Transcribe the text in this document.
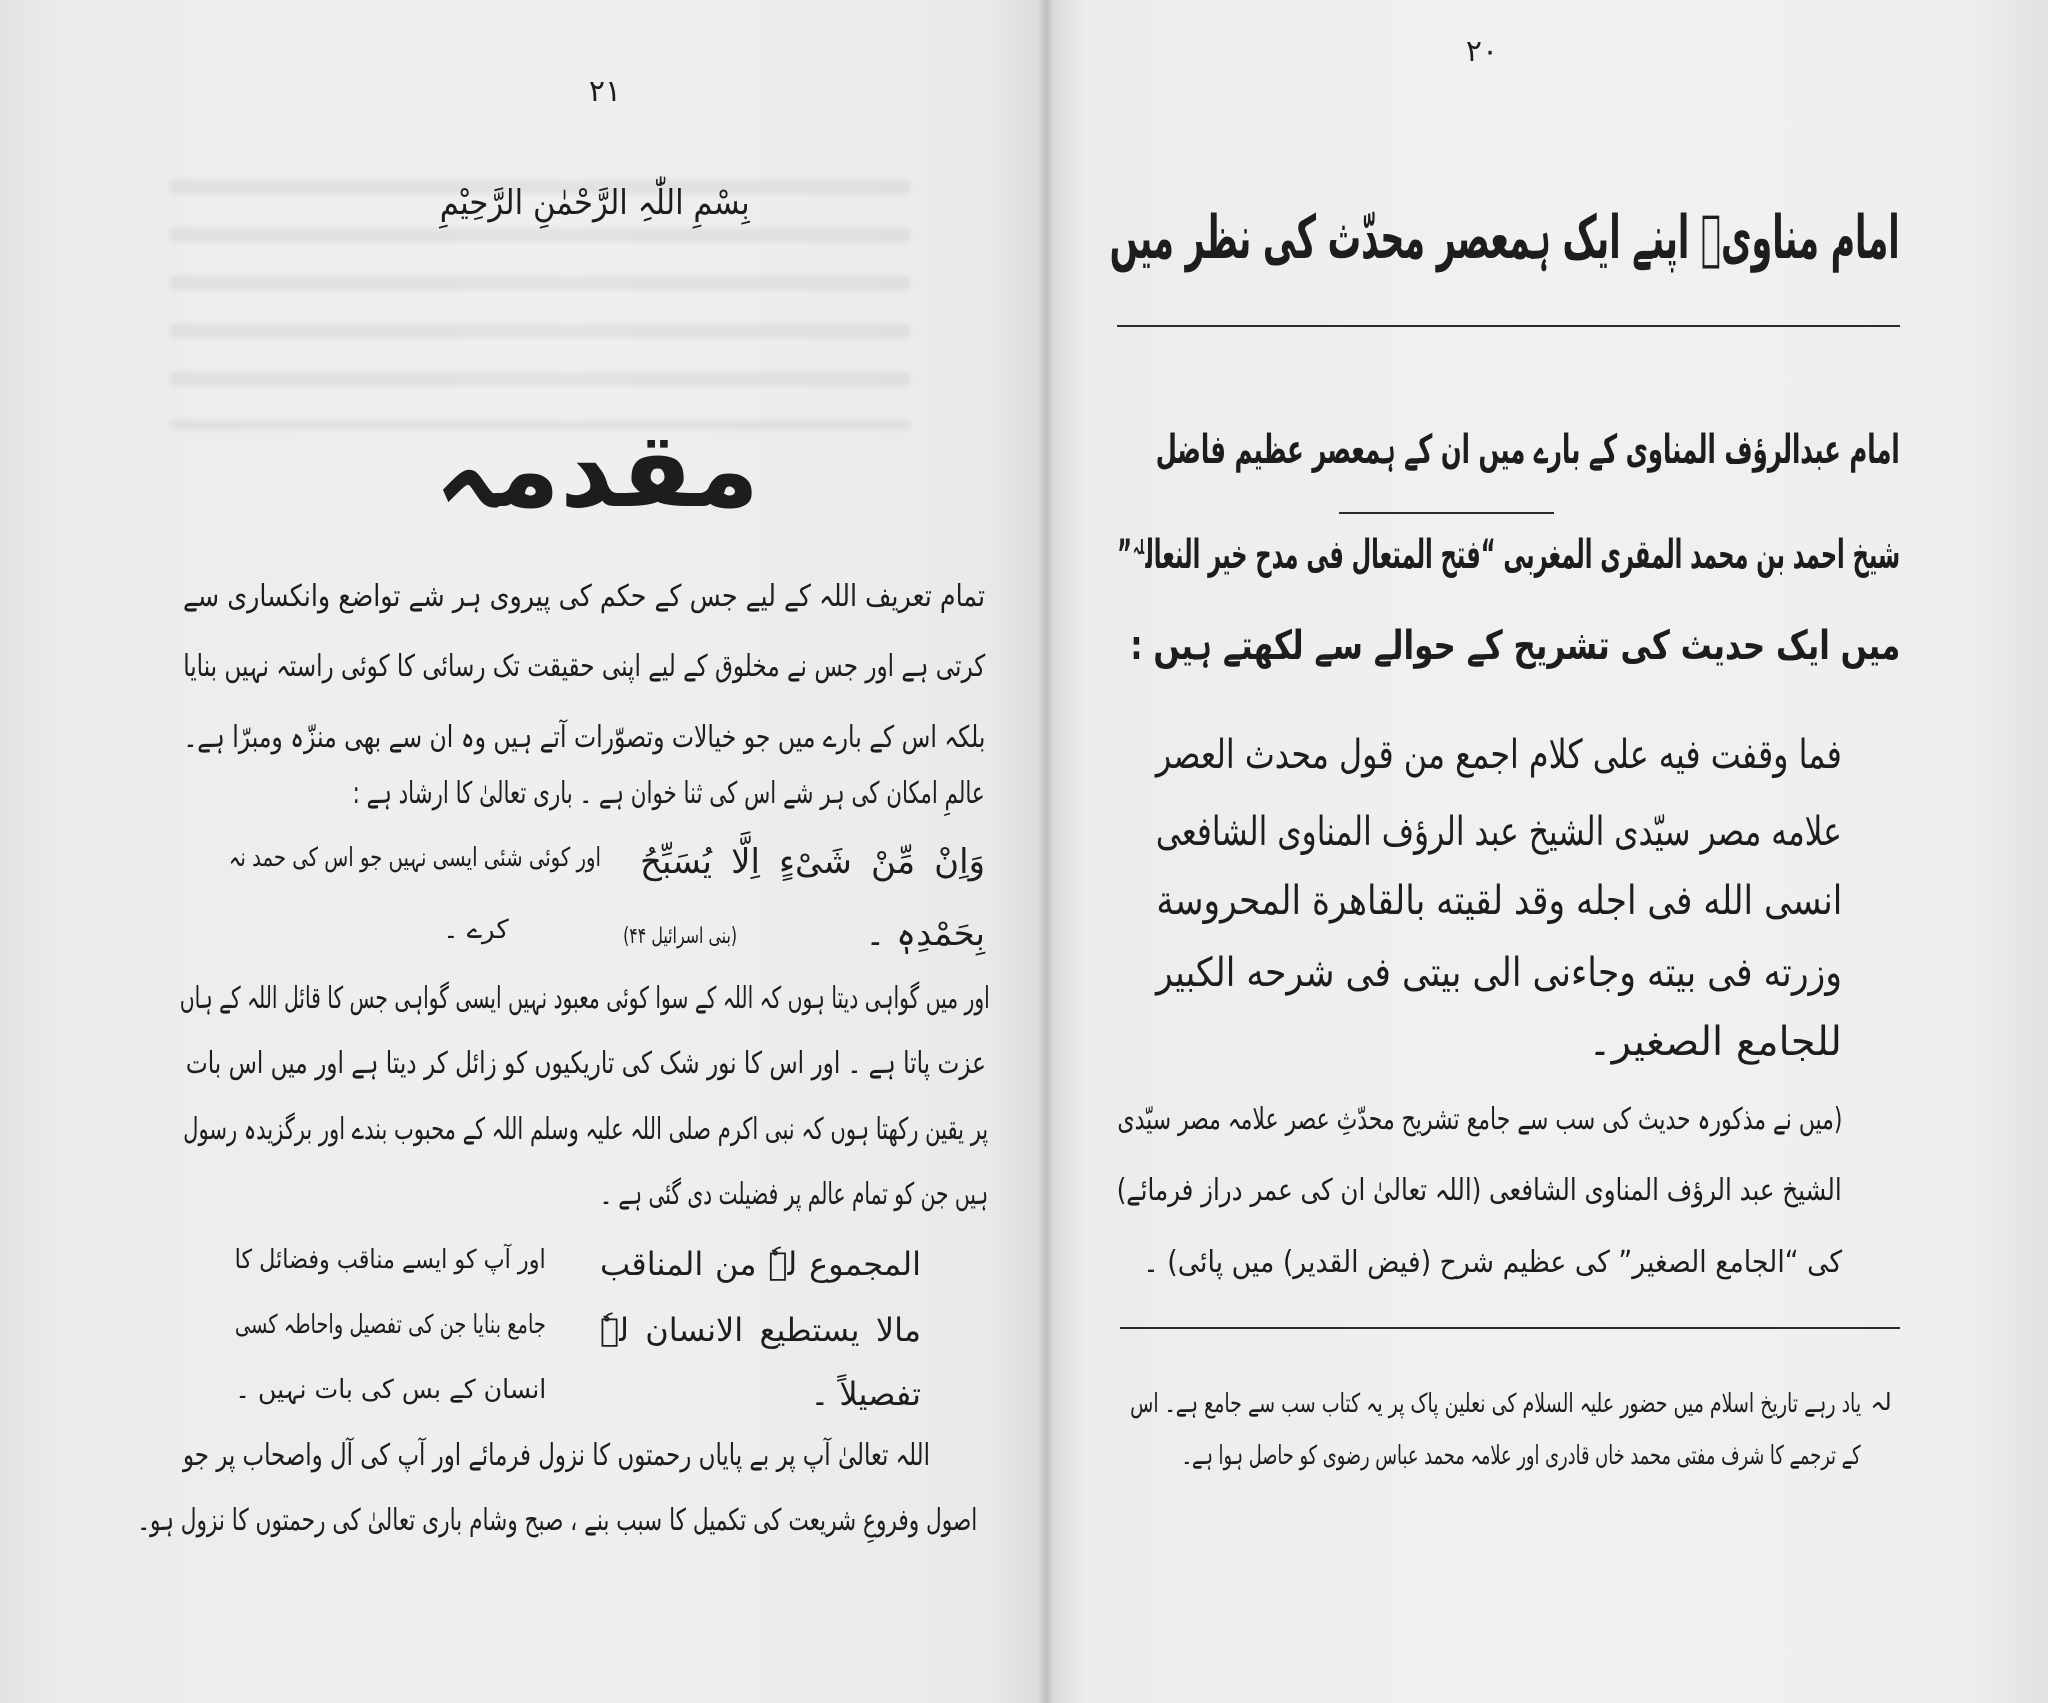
۲۱
بِسْمِ اللّٰہِ الرَّحْمٰنِ الرَّحِیْمِ
مقدمہ
تمام تعریف اللہ کے لیے جس کے حکم کی پیروی ہر شے تواضع وانکساری سے
کرتی ہے اور جس نے مخلوق کے لیے اپنی حقیقت تک رسائی کا کوئی راستہ نہیں بنایا
بلکہ اس کے بارے میں جو خیالات وتصوّرات آتے ہیں وہ ان سے بھی منزّہ ومبرّا ہے۔
عالمِ امکان کی ہر شے اس کی ثنا خوان ہے ۔ باری تعالیٰ کا ارشاد ہے :
وَاِنْ مِّنْ شَیْءٍ اِلَّا یُسَبِّحُ
اور کوئی شئی ایسی نہیں جو اس کی حمد نہ
بِحَمْدِہٖ ۔
(بنی اسرائیل ۴۴)
کرے ۔
اور میں گواہی دیتا ہوں کہ اللہ کے سوا کوئی معبود نہیں ایسی گواہی جس کا قائل اللہ کے ہاں
عزت پاتا ہے ۔ اور اس کا نور شک کی تاریکیوں کو زائل کر دیتا ہے اور میں اس بات
پر یقین رکھتا ہوں کہ نبی اکرم صلی اللہ علیہ وسلم اللہ کے محبوب بندے اور برگزیدہ رسول
ہیں جن کو تمام عالم پر فضیلت دی گئی ہے ۔
المجموع لہٗ من المناقب
مالا یستطیع الانسان لہٗ
تفصیلاً ۔
اور آپ کو ایسے مناقب وفضائل کا
جامع بنایا جن کی تفصیل واحاطہ کسی
انسان کے بس کی بات نہیں ۔
اللہ تعالیٰ آپ پر بے پایاں رحمتوں کا نزول فرمائے اور آپ کی آل واصحاب پر جو
اصول وفروعِ شریعت کی تکمیل کا سبب بنے ، صبح وشام باری تعالیٰ کی رحمتوں کا نزول ہو۔
۲۰
امام مناویؒ اپنے ایک ہمعصر محدّث کی نظر میں
امام عبدالرؤف المناوی کے بارے میں ان کے ہمعصر عظیم فاضل
شیخ احمد بن محمد المقری المغربی “فتح المتعال فی مدح خیر النعال$^{لہ}$”
میں ایک حدیث کی تشریح کے حوالے سے لکھتے ہیں :
فما وقفت فیه علی کلام اجمع من قول محدث العصر
علامه مصر سیّدی الشیخ عبد الرؤف المناوی الشافعی
انسی الله فی اجله وقد لقیته بالقاهرة المحروسة
وزرته فی بیته وجاءنی الی بیتی فی شرحه الکبیر
للجامع الصغیر۔
(میں نے مذکورہ حدیث کی سب سے جامع تشریح محدّثِ عصر علامہ مصر سیّدی
الشیخ عبد الرؤف المناوی الشافعی (اللہ تعالیٰ ان کی عمر دراز فرمائے)
کی “الجامع الصغیر” کی عظیم شرح (فیض القدیر) میں پائی) ۔
لہ
یاد رہے تاریخ اسلام میں حضور علیہ السلام کی نعلین پاک پر یہ کتاب سب سے جامع ہے۔ اس
کے ترجمے کا شرف مفتی محمد خاں قادری اور علامہ محمد عباس رضوی کو حاصل ہوا ہے۔
